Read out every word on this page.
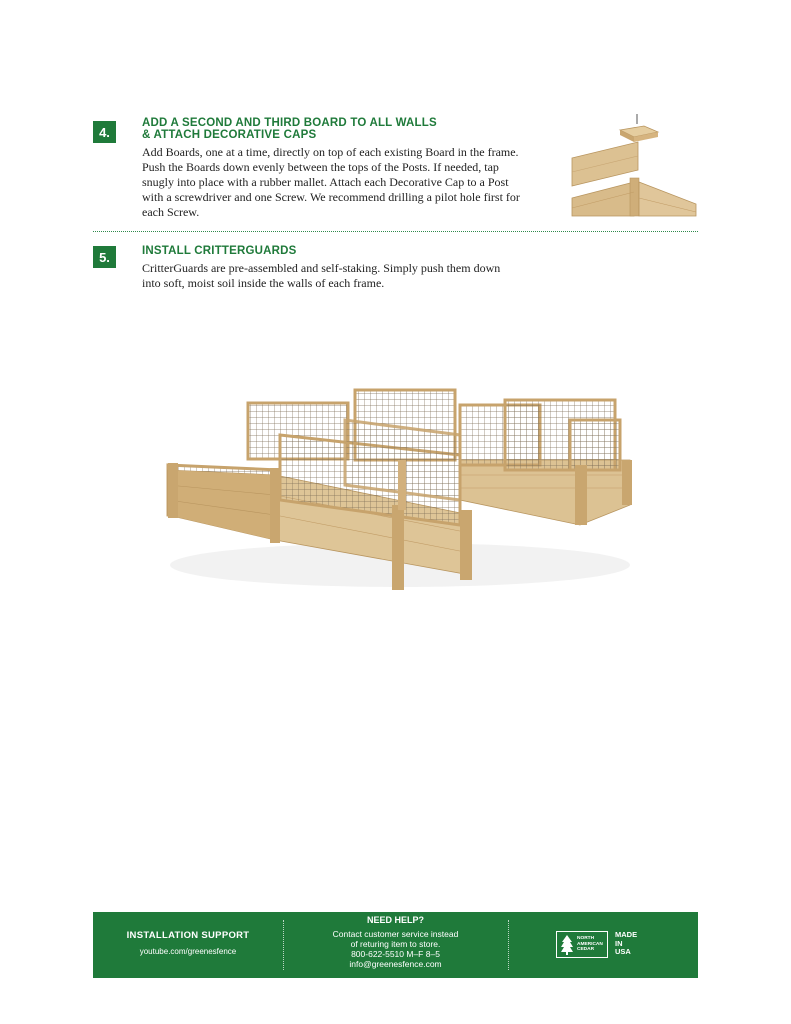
4.
ADD A SECOND AND THIRD BOARD TO ALL WALLS
& ATTACH DECORATIVE CAPS
Add Boards, one at a time, directly on top of each existing Board in the frame.
Push the Boards down evenly between the tops of the Posts. If needed, tap
snugly into place with a rubber mallet. Attach each Decorative Cap to a Post
with a screwdriver and one Screw. We recommend drilling a pilot hole first for
each Screw.
5.	INSTALL CRITTERGUARDS
CritterGuards are pre-assembled and self-staking. Simply push them down
into soft, moist soil inside the walls of each frame.
INSTALLATION SUPPORT
youtube.com/greenesfence
NEED HELP?
Contact customer service instead
of returing item to store.
800-622-5510 M–F 8–5
info@greenesfence.com
NORTH
AMERICAN
CEDAR
MADE
IN
USA
